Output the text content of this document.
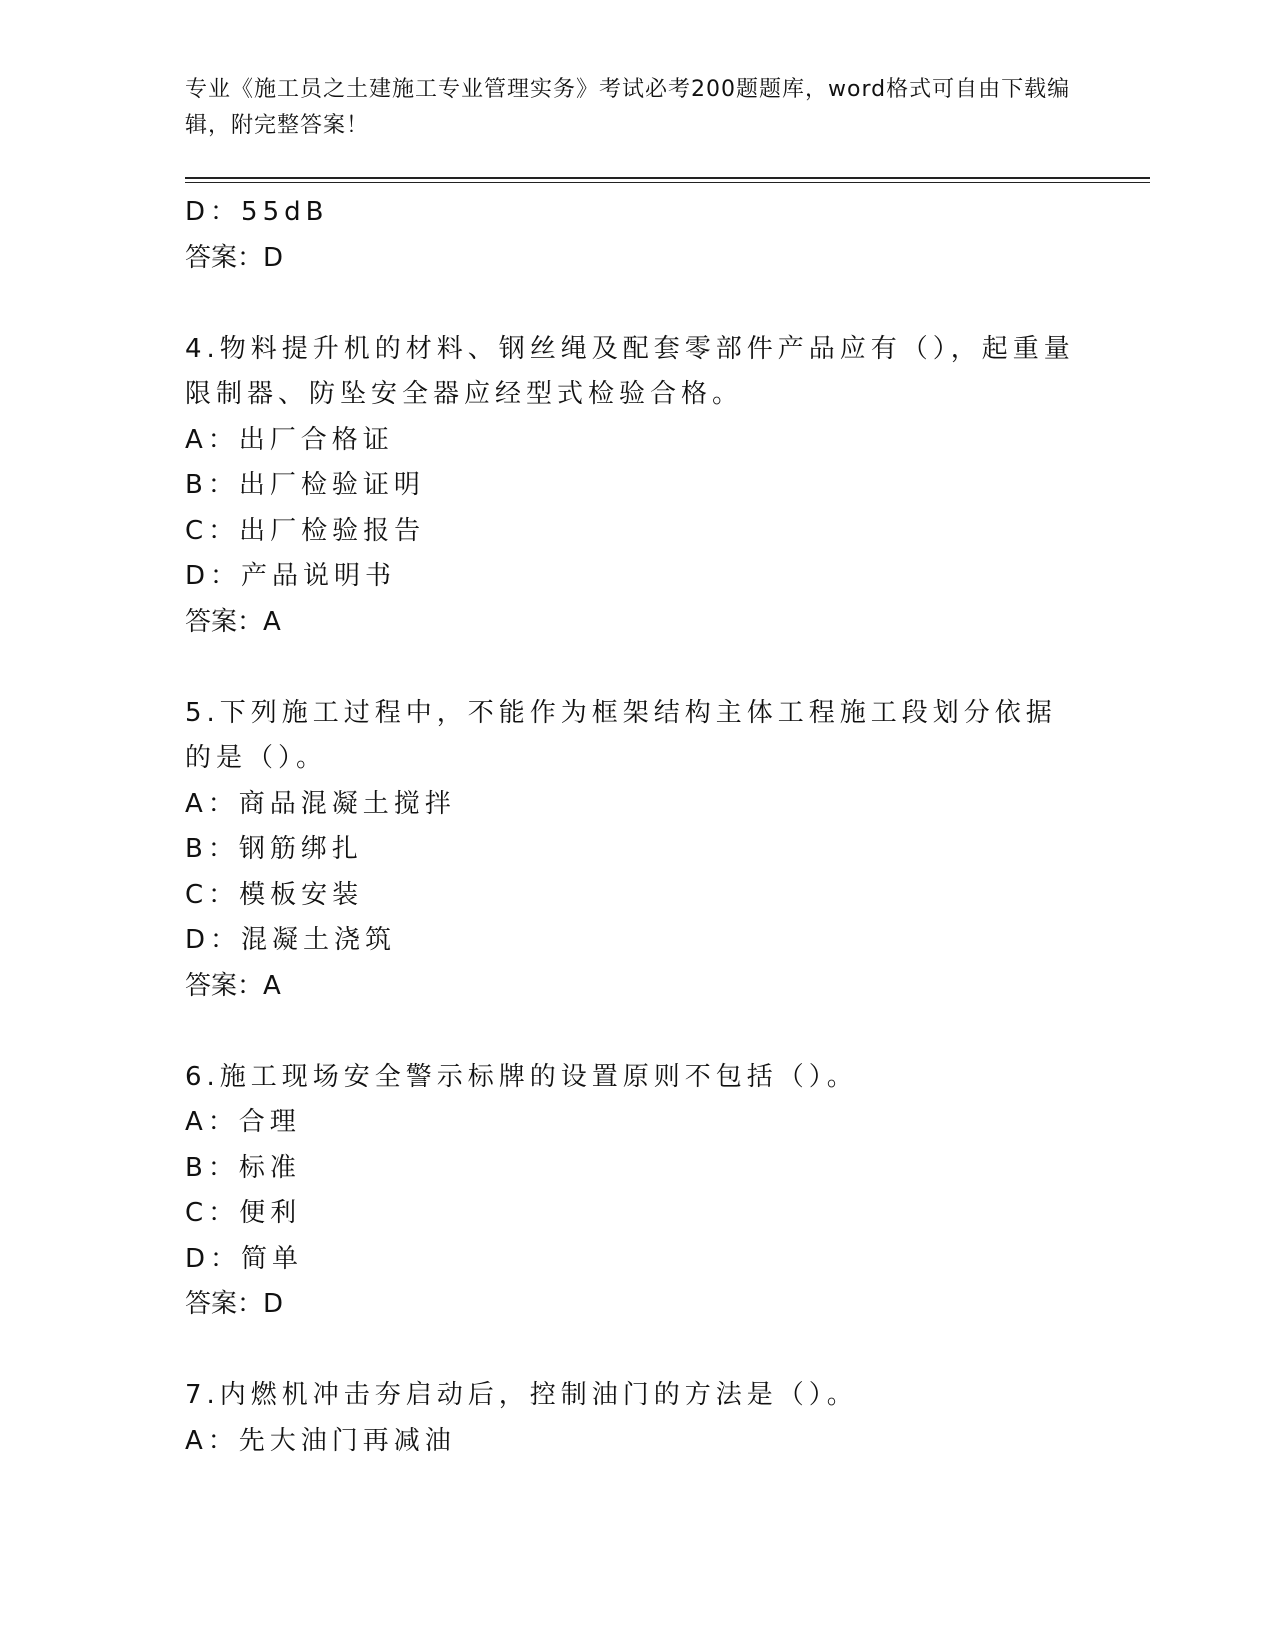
专业《施工员之土建施工专业管理实务》考试必考200题题库，word格式可自由下载编辑，附完整答案！
D：55dB
答案：D
4.物料提升机的材料、钢丝绳及配套零部件产品应有（），起重量限制器、防坠安全器应经型式检验合格。
A：出厂合格证
B：出厂检验证明
C：出厂检验报告
D：产品说明书
答案：A
5.下列施工过程中，不能作为框架结构主体工程施工段划分依据的是（）。
A：商品混凝土搅拌
B：钢筋绑扎
C：模板安装
D：混凝土浇筑
答案：A
6.施工现场安全警示标牌的设置原则不包括（）。
A：合理
B：标准
C：便利
D：简单
答案：D
7.内燃机冲击夯启动后，控制油门的方法是（）。
A：先大油门再减油
